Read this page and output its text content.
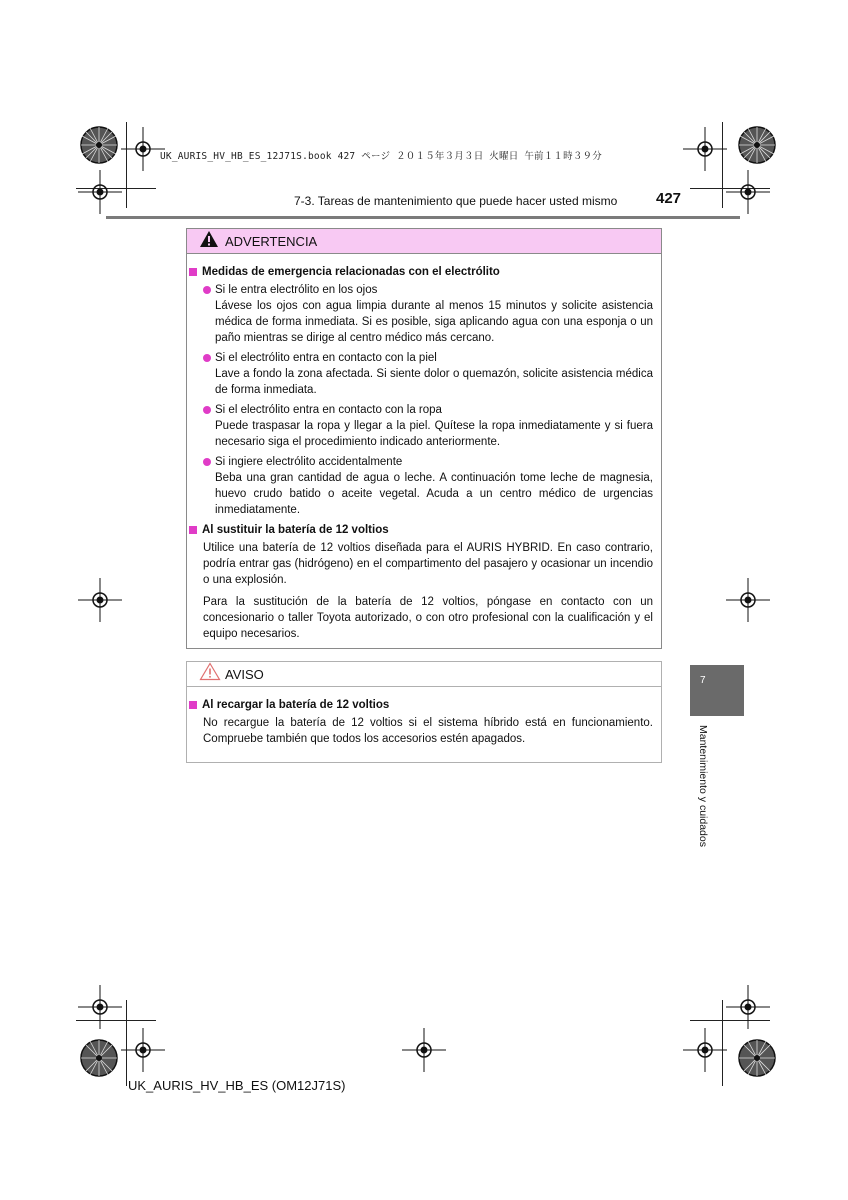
UK_AURIS_HV_HB_ES_12J71S.book 427 ページ ２０１５年３月３日 火曜日 午前１１時３９分
7-3. Tareas de mantenimiento que puede hacer usted mismo	427
ADVERTENCIA
Medidas de emergencia relacionadas con el electrólito
Si le entra electrólito en los ojos
Lávese los ojos con agua limpia durante al menos 15 minutos y solicite asistencia médica de forma inmediata. Si es posible, siga aplicando agua con una esponja o un paño mientras se dirige al centro médico más cercano.
Si el electrólito entra en contacto con la piel
Lave a fondo la zona afectada. Si siente dolor o quemazón, solicite asistencia médica de forma inmediata.
Si el electrólito entra en contacto con la ropa
Puede traspasar la ropa y llegar a la piel. Quítese la ropa inmediatamente y si fuera necesario siga el procedimiento indicado anteriormente.
Si ingiere electrólito accidentalmente
Beba una gran cantidad de agua o leche. A continuación tome leche de magnesia, huevo crudo batido o aceite vegetal. Acuda a un centro médico de urgencias inmediatamente.
Al sustituir la batería de 12 voltios
Utilice una batería de 12 voltios diseñada para el AURIS HYBRID. En caso contrario, podría entrar gas (hidrógeno) en el compartimento del pasajero y ocasionar un incendio o una explosión.
Para la sustitución de la batería de 12 voltios, póngase en contacto con un concesionario o taller Toyota autorizado, o con otro profesional con la cualificación y el equipo necesarios.
AVISO
Al recargar la batería de 12 voltios
No recargue la batería de 12 voltios si el sistema híbrido está en funcionamiento. Compruebe también que todos los accesorios estén apagados.
7
Mantenimiento y cuidados
UK_AURIS_HV_HB_ES (OM12J71S)
